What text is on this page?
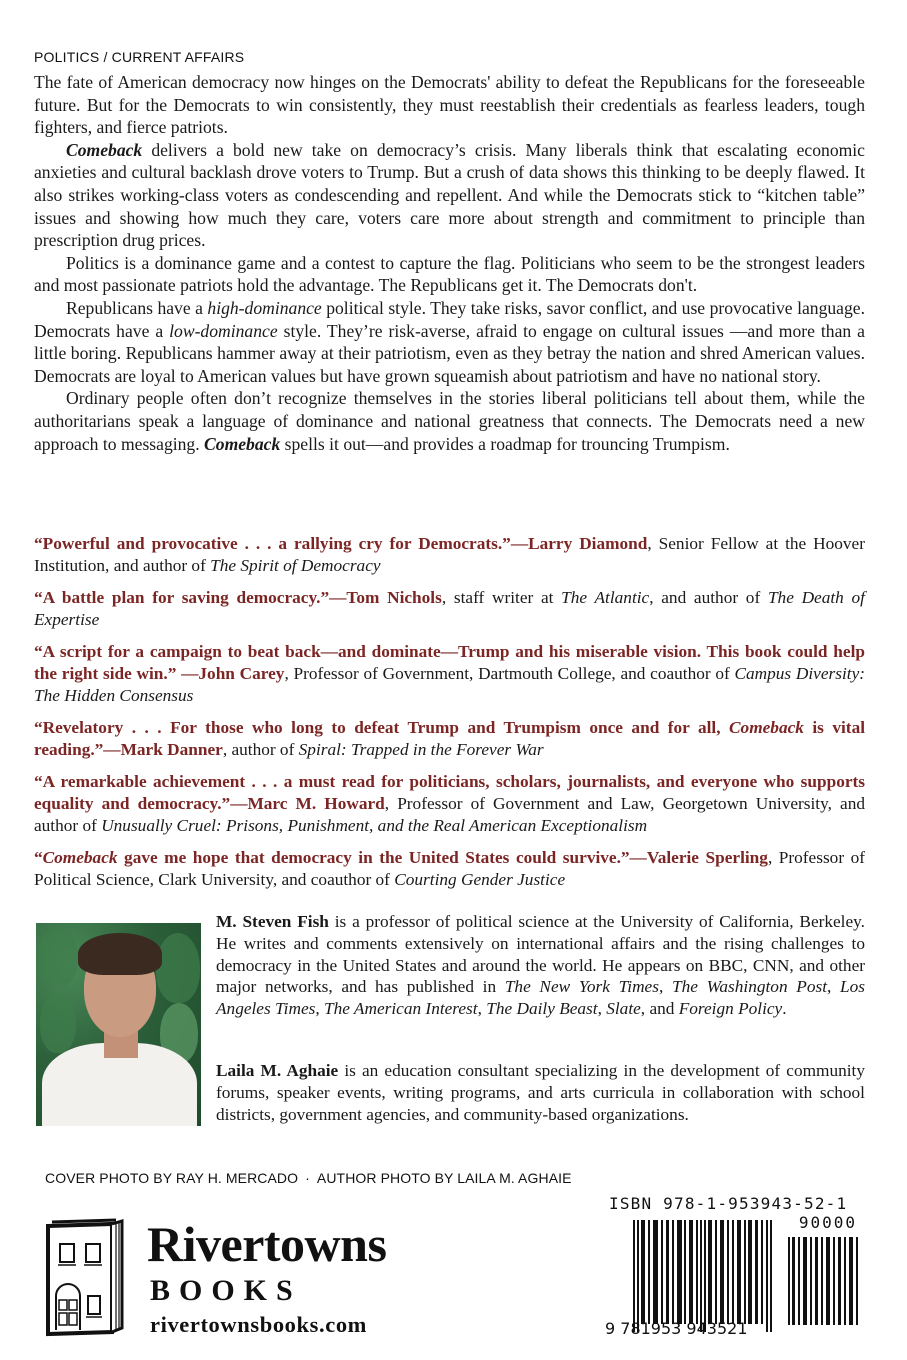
POLITICS / CURRENT AFFAIRS

The fate of American democracy now hinges on the Democrats' ability to defeat the Republicans for the foreseeable future. But for the Democrats to win consistently, they must reestablish their credentials as fearless leaders, tough fighters, and fierce patriots.

Comeback delivers a bold new take on democracy’s crisis. Many liberals think that escalating economic anxieties and cultural backlash drove voters to Trump. But a crush of data shows this thinking to be deeply flawed. It also strikes working-class voters as condescending and repellent. And while the Democrats stick to “kitchen table” issues and showing how much they care, voters care more about strength and commitment to principle than prescription drug prices.

Politics is a dominance game and a contest to capture the flag. Politicians who seem to be the strongest leaders and most passionate patriots hold the advantage. The Republicans get it. The Democrats don't.

Republicans have a high-dominance political style. They take risks, savor conflict, and use provocative language. Democrats have a low-dominance style. They’re risk-averse, afraid to engage on cultural issues —and more than a little boring. Republicans hammer away at their patriotism, even as they betray the nation and shred American values. Democrats are loyal to American values but have grown squeamish about patriotism and have no national story.

Ordinary people often don’t recognize themselves in the stories liberal politicians tell about them, while the authoritarians speak a language of dominance and national greatness that connects. The Democrats need a new approach to messaging. Comeback spells it out—and provides a roadmap for trouncing Trumpism.

“Powerful and provocative . . . a rallying cry for Democrats.”—Larry Diamond, Senior Fellow at the Hoover Institution, and author of The Spirit of Democracy

“A battle plan for saving democracy.”—Tom Nichols, staff writer at The Atlantic, and author of The Death of Expertise

“A script for a campaign to beat back—and dominate—Trump and his miserable vision. This book could help the right side win.” —John Carey, Professor of Government, Dartmouth College, and coauthor of Campus Diversity: The Hidden Consensus

“Revelatory . . . For those who long to defeat Trump and Trumpism once and for all, Comeback is vital reading.”—Mark Danner, author of Spiral: Trapped in the Forever War

“A remarkable achievement . . . a must read for politicians, scholars, journalists, and everyone who supports equality and democracy.”—Marc M. Howard, Professor of Government and Law, Georgetown University, and author of Unusually Cruel: Prisons, Punishment, and the Real American Exceptionalism

“Comeback gave me hope that democracy in the United States could survive.”—Valerie Sperling, Professor of Political Science, Clark University, and coauthor of Courting Gender Justice

M. Steven Fish is a professor of political science at the University of California, Berkeley. He writes and comments extensively on international affairs and the rising challenges to democracy in the United States and around the world. He appears on BBC, CNN, and other major networks, and has published in The New York Times, The Washington Post, Los Angeles Times, The American Interest, The Daily Beast, Slate, and Foreign Policy.

Laila M. Aghaie is an education consultant specializing in the development of community forums, speaker events, writing programs, and arts curricula in collaboration with school districts, government agencies, and community-based organizations.

COVER PHOTO BY RAY H. MERCADO · AUTHOR PHOTO BY LAILA M. AGHAIE
Rivertowns
BOOKS
rivertownsbooks.com
ISBN 978-1-953943-52-1
90000
9 781953 943521
